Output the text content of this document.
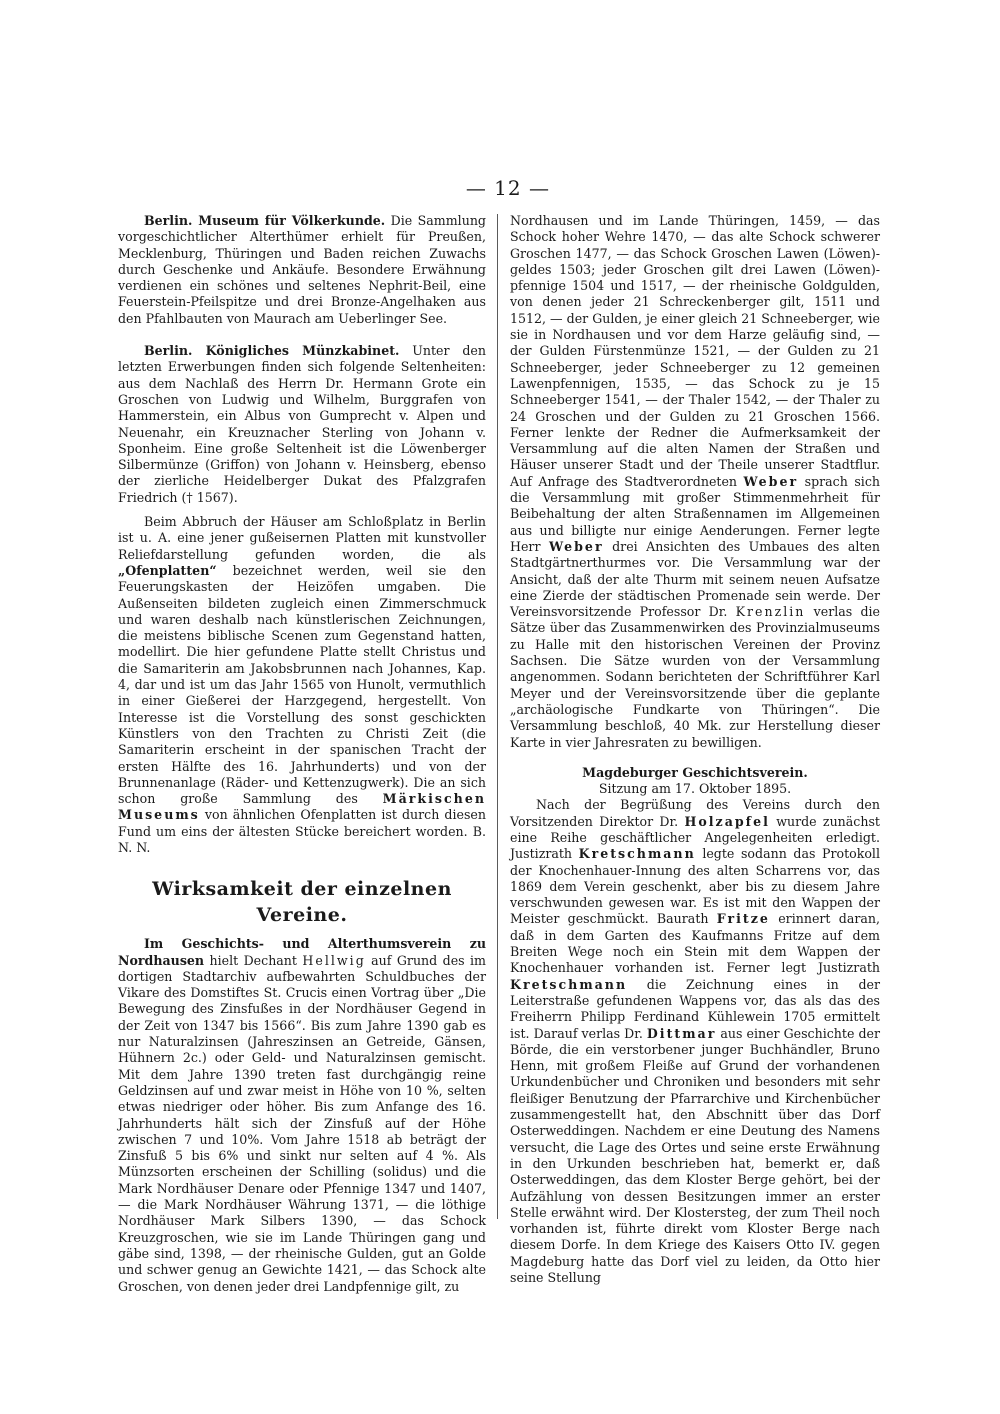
— 12 —

Berlin. Museum für Völkerkunde. Die Sammlung vorgeschichtlicher Alterthümer erhielt für Preußen, Mecklenburg, Thüringen und Baden reichen Zuwachs durch Geschenke und Ankäufe. Besondere Erwähnung verdienen ein schönes und seltenes Nephrit-Beil, eine Feuerstein-Pfeilspitze und drei Bronze-Angelhaken aus den Pfahlbauten von Maurach am Ueberlinger See.

Berlin. Königliches Münzkabinet. Unter den letzten Erwerbungen finden sich folgende Seltenheiten: aus dem Nachlaß des Herrn Dr. Hermann Grote ein Groschen von Ludwig und Wilhelm, Burggrafen von Hammerstein, ein Albus von Gumprecht v. Alpen und Neuenahr, ein Kreuznacher Sterling von Johann v. Sponheim. Eine große Seltenheit ist die Löwenberger Silbermünze (Griffon) von Johann v. Heinsberg, ebenso der zierliche Heidelberger Dukat des Pfalzgrafen Friedrich († 1567).

Beim Abbruch der Häuser am Schloßplatz in Berlin ist u. A. eine jener gußeisernen Platten mit kunstvoller Reliefdarstellung gefunden worden, die als „Ofenplatten“ bezeichnet werden, weil sie den Feuerungskasten der Heizöfen umgaben. Die Außenseiten bildeten zugleich einen Zimmerschmuck und waren deshalb nach künstlerischen Zeichnungen, die meistens biblische Scenen zum Gegenstand hatten, modellirt. Die hier gefundene Platte stellt Christus und die Samariterin am Jakobsbrunnen nach Johannes, Kap. 4, dar und ist um das Jahr 1565 von Hunolt, vermuthlich in einer Gießerei der Harzgegend, hergestellt. Von Interesse ist die Vorstellung des sonst geschickten Künstlers von den Trachten zu Christi Zeit (die Samariterin erscheint in der spanischen Tracht der ersten Hälfte des 16. Jahrhunderts) und von der Brunnenanlage (Räder- und Kettenzugwerk). Die an sich schon große Sammlung des Märkischen Museums von ähnlichen Ofenplatten ist durch diesen Fund um eins der ältesten Stücke bereichert worden. B. N. N.

Wirksamkeit der einzelnen Vereine.

Im Geschichts- und Alterthumsverein zu Nordhausen hielt Dechant Hellwig auf Grund des im dortigen Stadtarchiv aufbewahrten Schuldbuches der Vikare des Domstiftes St. Crucis einen Vortrag über „Die Bewegung des Zinsfußes in der Nordhäuser Gegend in der Zeit von 1347 bis 1566“. Bis zum Jahre 1390 gab es nur Naturalzinsen (Jahreszinsen an Getreide, Gänsen, Hühnern 2c.) oder Geld- und Naturalzinsen gemischt. Mit dem Jahre 1390 treten fast durchgängig reine Geldzinsen auf und zwar meist in Höhe von 10 %, selten etwas niedriger oder höher. Bis zum Anfange des 16. Jahrhunderts hält sich der Zinsfuß auf der Höhe zwischen 7 und 10%. Vom Jahre 1518 ab beträgt der Zinsfuß 5 bis 6% und sinkt nur selten auf 4 %. Als Münzsorten erscheinen der Schilling (solidus) und die Mark Nordhäuser Denare oder Pfennige 1347 und 1407, — die Mark Nordhäuser Währung 1371, — die löthige Nordhäuser Mark Silbers 1390, — das Schock Kreuzgroschen, wie sie im Lande Thüringen gang und gäbe sind, 1398, — der rheinische Gulden, gut an Golde und schwer genug an Gewichte 1421, — das Schock alte Groschen, von denen jeder drei Landpfennige gilt, zu

Nordhausen und im Lande Thüringen, 1459, — das Schock hoher Wehre 1470, — das alte Schock schwerer Groschen 1477, — das Schock Groschen Lawen (Löwen)-geldes 1503; jeder Groschen gilt drei Lawen (Löwen)-pfennige 1504 und 1517, — der rheinische Goldgulden, von denen jeder 21 Schreckenberger gilt, 1511 und 1512, — der Gulden, je einer gleich 21 Schneeberger, wie sie in Nordhausen und vor dem Harze geläufig sind, — der Gulden Fürstenmünze 1521, — der Gulden zu 21 Schneeberger, jeder Schneeberger zu 12 gemeinen Lawenpfennigen, 1535, — das Schock zu je 15 Schneeberger 1541, — der Thaler 1542, — der Thaler zu 24 Groschen und der Gulden zu 21 Groschen 1566. Ferner lenkte der Redner die Aufmerksamkeit der Versammlung auf die alten Namen der Straßen und Häuser unserer Stadt und der Theile unserer Stadtflur. Auf Anfrage des Stadtverordneten Weber sprach sich die Versammlung mit großer Stimmenmehrheit für Beibehaltung der alten Straßennamen im Allgemeinen aus und billigte nur einige Aenderungen. Ferner legte Herr Weber drei Ansichten des Umbaues des alten Stadtgärtnerthurmes vor. Die Versammlung war der Ansicht, daß der alte Thurm mit seinem neuen Aufsatze eine Zierde der städtischen Promenade sein werde. Der Vereinsvorsitzende Professor Dr. Krenzlin verlas die Sätze über das Zusammenwirken des Provinzialmuseums zu Halle mit den historischen Vereinen der Provinz Sachsen. Die Sätze wurden von der Versammlung angenommen. Sodann berichteten der Schriftführer Karl Meyer und der Vereinsvorsitzende über die geplante „archäologische Fundkarte von Thüringen“. Die Versammlung beschloß, 40 Mk. zur Herstellung dieser Karte in vier Jahresraten zu bewilligen.

Magdeburger Geschichtsverein.
Sitzung am 17. Oktober 1895.

Nach der Begrüßung des Vereins durch den Vorsitzenden Direktor Dr. Holzapfel wurde zunächst eine Reihe geschäftlicher Angelegenheiten erledigt. Justizrath Kretschmann legte sodann das Protokoll der Knochenhauer-Innung des alten Scharrens vor, das 1869 dem Verein geschenkt, aber bis zu diesem Jahre verschwunden gewesen war. Es ist mit den Wappen der Meister geschmückt. Baurath Fritze erinnert daran, daß in dem Garten des Kaufmanns Fritze auf dem Breiten Wege noch ein Stein mit dem Wappen der Knochenhauer vorhanden ist. Ferner legt Justizrath Kretschmann die Zeichnung eines in der Leiterstraße gefundenen Wappens vor, das als das des Freiherrn Philipp Ferdinand Kühlewein 1705 ermittelt ist. Darauf verlas Dr. Dittmar aus einer Geschichte der Börde, die ein verstorbener junger Buchhändler, Bruno Henn, mit großem Fleiße auf Grund der vorhandenen Urkundenbücher und Chroniken und besonders mit sehr fleißiger Benutzung der Pfarrarchive und Kirchenbücher zusammengestellt hat, den Abschnitt über das Dorf Osterweddingen. Nachdem er eine Deutung des Namens versucht, die Lage des Ortes und seine erste Erwähnung in den Urkunden beschrieben hat, bemerkt er, daß Osterweddingen, das dem Kloster Berge gehört, bei der Aufzählung von dessen Besitzungen immer an erster Stelle erwähnt wird. Der Klostersteg, der zum Theil noch vorhanden ist, führte direkt vom Kloster Berge nach diesem Dorfe. In dem Kriege des Kaisers Otto IV. gegen Magdeburg hatte das Dorf viel zu leiden, da Otto hier seine Stellung
